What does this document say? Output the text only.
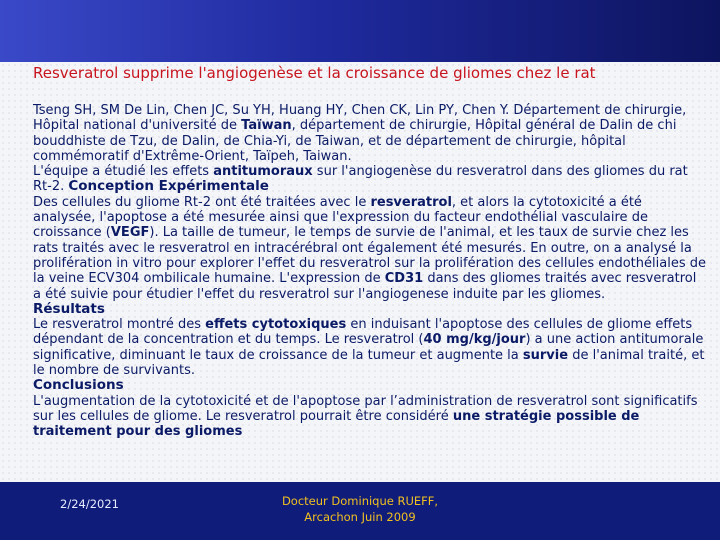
Resveratrol supprime l'angiogenèse et la croissance de gliomes chez le rat

Tseng SH, SM De Lin, Chen JC, Su YH, Huang HY, Chen CK, Lin PY, Chen Y. Département de chirurgie, Hôpital national d'université de Taïwan, département de chirurgie, Hôpital général de Dalin de chi bouddhiste de Tzu, de Dalin, de Chia-Yi, de Taiwan, et de département de chirurgie, hôpital commémoratif d'Extrême-Orient, Taïpeh, Taiwan.

L'équipe a étudié les effets antitumoraux sur l'angiogenèse du resveratrol dans des gliomes du rat Rt-2. Conception Expérimentale

Des cellules du gliome Rt-2 ont été traitées avec le resveratrol, et alors la cytotoxicité a été analysée, l'apoptose a été mesurée ainsi que l'expression du facteur endothélial vasculaire de croissance (VEGF). La taille de tumeur, le temps de survie de l'animal, et les taux de survie chez les rats traités avec le resveratrol en intracérébral ont également été mesurés. En outre, on a analysé la prolifération in vitro pour explorer l'effet du resveratrol sur la prolifération des cellules endothéliales de la veine ECV304 ombilicale humaine. L'expression de CD31 dans des gliomes traités avec resveratrol a été suivie pour étudier l'effet du resveratrol sur l'angiogenese induite par les gliomes.

Résultats

Le resveratrol montré des effets cytotoxiques en induisant l'apoptose des cellules de gliome effets dépendant de la concentration et du temps. Le resveratrol (40 mg/kg/jour) a une action antitumorale significative, diminuant le taux de croissance de la tumeur et augmente la survie de l'animal traité, et le nombre de survivants.

Conclusions

L'augmentation de la cytotoxicité et de l'apoptose par l’administration de resveratrol sont significatifs sur les cellules de gliome. Le resveratrol pourrait être considéré une stratégie possible de traitement pour des gliomes

2/24/2021	Docteur Dominique RUEFF,
Arcachon Juin 2009
